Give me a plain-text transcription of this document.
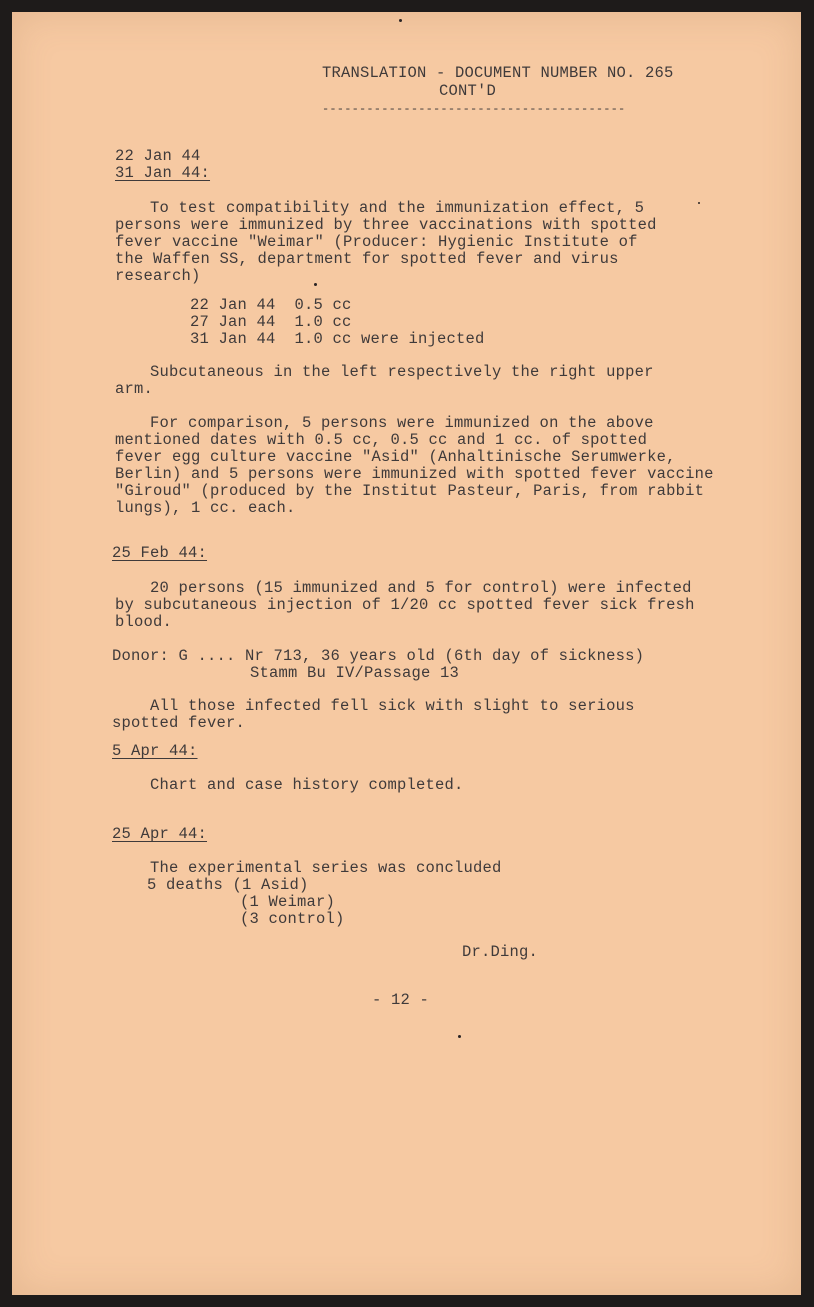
TRANSLATION - DOCUMENT NUMBER NO. 265
CONT'D
-----------------------------------------
22 Jan 44
31 Jan 44:
To test compatibility and the immunization effect, 5
persons were immunized by three vaccinations with spotted
fever vaccine "Weimar" (Producer: Hygienic Institute of
the Waffen SS, department for spotted fever and virus
research)
22 Jan 44  0.5 cc
27 Jan 44  1.0 cc
31 Jan 44  1.0 cc were injected
Subcutaneous in the left respectively the right upper
arm.
For comparison, 5 persons were immunized on the above
mentioned dates with 0.5 cc, 0.5 cc and 1 cc. of spotted
fever egg culture vaccine "Asid" (Anhaltinische Serumwerke,
Berlin) and 5 persons were immunized with spotted fever vaccine
"Giroud" (produced by the Institut Pasteur, Paris, from rabbit
lungs), 1 cc. each.
25 Feb 44:
20 persons (15 immunized and 5 for control) were infected
by subcutaneous injection of 1/20 cc spotted fever sick fresh
blood.
Donor: G .... Nr 713, 36 years old (6th day of sickness)
Stamm Bu IV/Passage 13
All those infected fell sick with slight to serious
spotted fever.
5 Apr 44:
Chart and case history completed.
25 Apr 44:
The experimental series was concluded
5 deaths (1 Asid)
(1 Weimar)
(3 control)
Dr.Ding.
- 12 -
